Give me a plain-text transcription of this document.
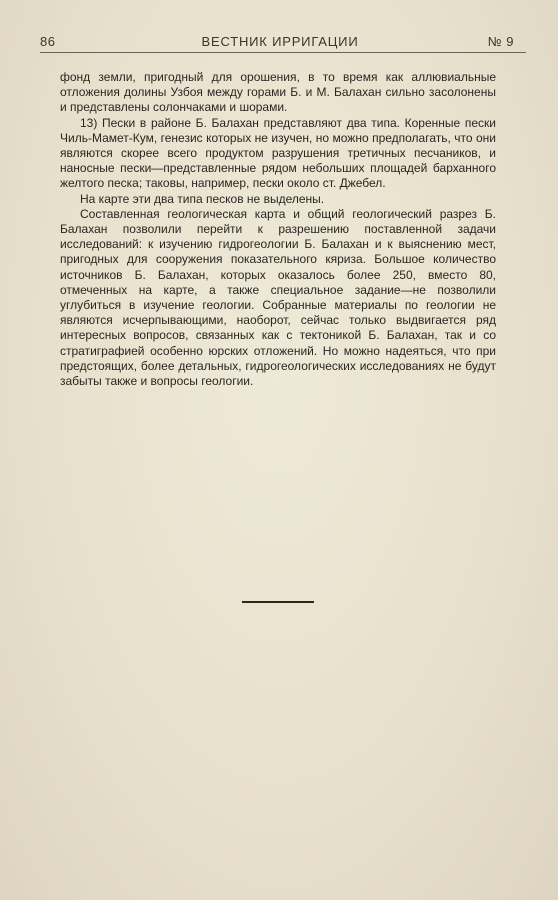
86	ВЕСТНИК ИРРИГАЦИИ	№ 9

фонд земли, пригодный для орошения, в то время как аллювиальные отложения долины Узбоя между горами Б. и М. Балахан сильно засолонены и представлены солончаками и шорами.

13) Пески в районе Б. Балахан представляют два типа. Коренные пески Чиль-Мамет-Кум, генезис которых не изучен, но можно предполагать, что они являются скорее всего продуктом разрушения третичных песчаников, и наносные пески—представленные рядом небольших площадей барханного желтого песка; таковы, например, пески около ст. Джебел.

На карте эти два типа песков не выделены.

Составленная геологическая карта и общий геологический разрез Б. Балахан позволили перейти к разрешению поставленной задачи исследований: к изучению гидрогеологии Б. Балахан и к выяснению мест, пригодных для сооружения показательного кяриза. Большое количество источников Б. Балахан, которых оказалось более 250, вместо 80, отмеченных на карте, а также специальное задание—не позволили углубиться в изучение геологии. Собранные материалы по геологии не являются исчерпывающими, наоборот, сейчас только выдвигается ряд интересных вопросов, связанных как с тектоникой Б. Балахан, так и со стратиграфией особенно юрских отложений. Но можно надеяться, что при предстоящих, более детальных, гидрогеологических исследованиях не будут забыты также и вопросы геологии.
